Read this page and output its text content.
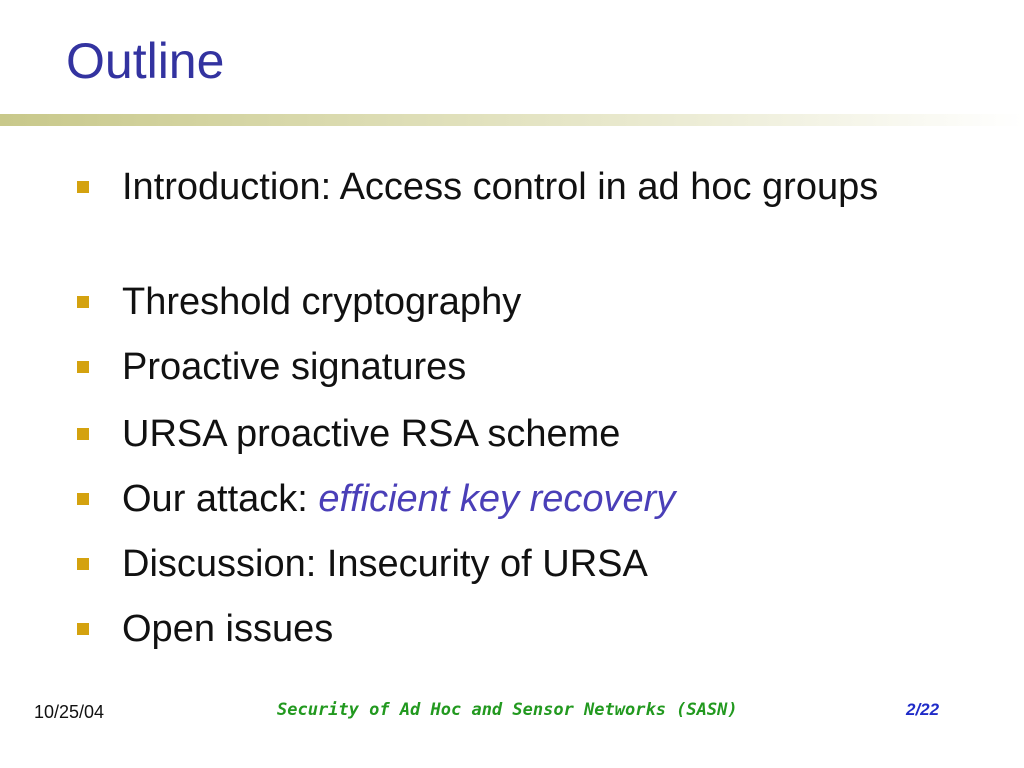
Outline
Introduction: Access control in ad hoc groups
Threshold cryptography
Proactive signatures
URSA proactive RSA scheme
Our attack: efficient key recovery
Discussion: Insecurity of URSA
Open issues
10/25/04	Security of Ad Hoc and Sensor Networks (SASN)	2/22
